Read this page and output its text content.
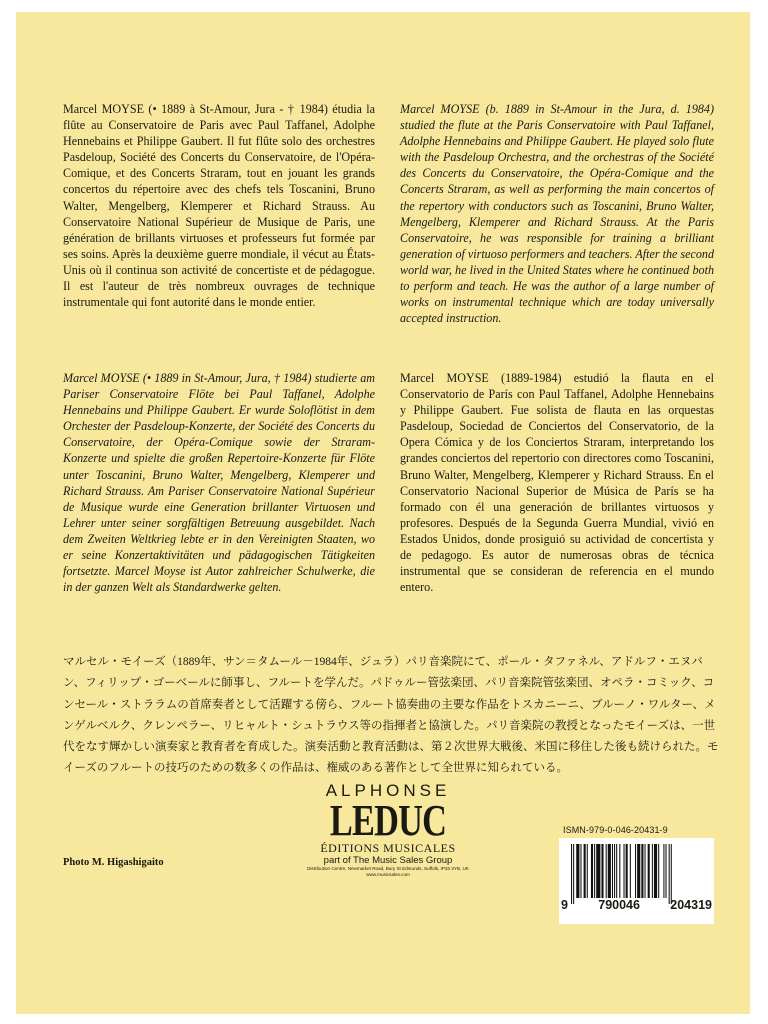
Marcel MOYSE (• 1889 à St-Amour, Jura - † 1984) étudia la flûte au Conservatoire de Paris avec Paul Taffanel, Adolphe Hennebains et Philippe Gaubert. Il fut flûte solo des orchestres Pasdeloup, Société des Concerts du Conservatoire, de l'Opéra-Comique, et des Concerts Straram, tout en jouant les grands concertos du répertoire avec des chefs tels Toscanini, Bruno Walter, Mengelberg, Klemperer et Richard Strauss. Au Conservatoire National Supérieur de Musique de Paris, une génération de brillants virtuoses et professeurs fut formée par ses soins. Après la deuxième guerre mondiale, il vécut au États-Unis où il continua son activité de concertiste et de pédagogue. Il est l'auteur de très nombreux ouvrages de technique instrumentale qui font autorité dans le monde entier.

Marcel MOYSE (b. 1889 in St-Amour in the Jura, d. 1984) studied the flute at the Paris Conservatoire with Paul Taffanel, Adolphe Hennebains and Philippe Gaubert. He played solo flute with the Pasdeloup Orchestra, and the orchestras of the Société des Concerts du Conservatoire, the Opéra-Comique and the Concerts Straram, as well as performing the main concertos of the repertory with conductors such as Toscanini, Bruno Walter, Mengelberg, Klemperer and Richard Strauss. At the Paris Conservatoire, he was responsible for training a brilliant generation of virtuoso performers and teachers. After the second world war, he lived in the United States where he continued both to perform and teach. He was the author of a large number of works on instrumental technique which are today universally accepted instruction.

Marcel MOYSE (• 1889 in St-Amour, Jura, † 1984) studierte am Pariser Conservatoire Flöte bei Paul Taffanel, Adolphe Hennebains und Philippe Gaubert. Er wurde Soloflötist in dem Orchester der Pasdeloup-Konzerte, der Société des Concerts du Conservatoire, der Opéra-Comique sowie der Straram-Konzerte und spielte die großen Repertoire-Konzerte für Flöte unter Toscanini, Bruno Walter, Mengelberg, Klemperer und Richard Strauss. Am Pariser Conservatoire National Supérieur de Musique wurde eine Generation brillanter Virtuosen und Lehrer unter seiner sorgfältigen Betreuung ausgebildet. Nach dem Zweiten Weltkrieg lebte er in den Vereinigten Staaten, wo er seine Konzertaktivitäten und pädagogischen Tätigkeiten fortsetzte. Marcel Moyse ist Autor zahlreicher Schulwerke, die in der ganzen Welt als Standardwerke gelten.

Marcel MOYSE (1889-1984) estudió la flauta en el Conservatorio de París con Paul Taffanel, Adolphe Hennebains y Philippe Gaubert. Fue solista de flauta en las orquestas Pasdeloup, Sociedad de Conciertos del Conservatorio, de la Opera Cómica y de los Conciertos Straram, interpretando los grandes conciertos del repertorio con directores como Toscanini, Bruno Walter, Mengelberg, Klemperer y Richard Strauss. En el Conservatorio Nacional Superior de Música de París se ha formado con él una generación de brillantes virtuosos y profesores. Después de la Segunda Guerra Mundial, vivió en Estados Unidos, donde prosiguió su actividad de concertista y de pedagogo. Es autor de numerosas obras de técnica instrumental que se consideran de referencia en el mundo entero.

マルセル・モイーズ（1889年、サン＝タムール－1984年、ジュラ）パリ音楽院にて、ポール・タファネル、アドルフ・エヌバン、フィリップ・ゴーベールに師事し、フルートを学んだ。パドゥルー管弦楽団、パリ音楽院管弦楽団、オペラ・コミック、コンセール・ストララムの首席奏者として活躍する傍ら、フルート協奏曲の主要な作品をトスカニーニ、ブルーノ・ワルター、メンゲルベルク、クレンペラー、リヒャルト・シュトラウス等の指揮者と協演した。パリ音楽院の教授となったモイーズは、一世代をなす輝かしい演奏家と教育者を育成した。演奏活動と教育活動は、第２次世界大戦後、米国に移住した後も続けられた。モイーズのフルートの技巧のための数多くの作品は、権威のある著作として全世界に知られている。

ALPHONSE
LEDUC
ÉDITIONS MUSICALES
part of The Music Sales Group
Distribution Centre, Newmarket Road, Bury St Edmunds, Suffolk, IP33 3YB, UK
www.musicsales.com
Photo M. Higashigaito
ISMN-979-0-046-20431-9
9 790046 204319
